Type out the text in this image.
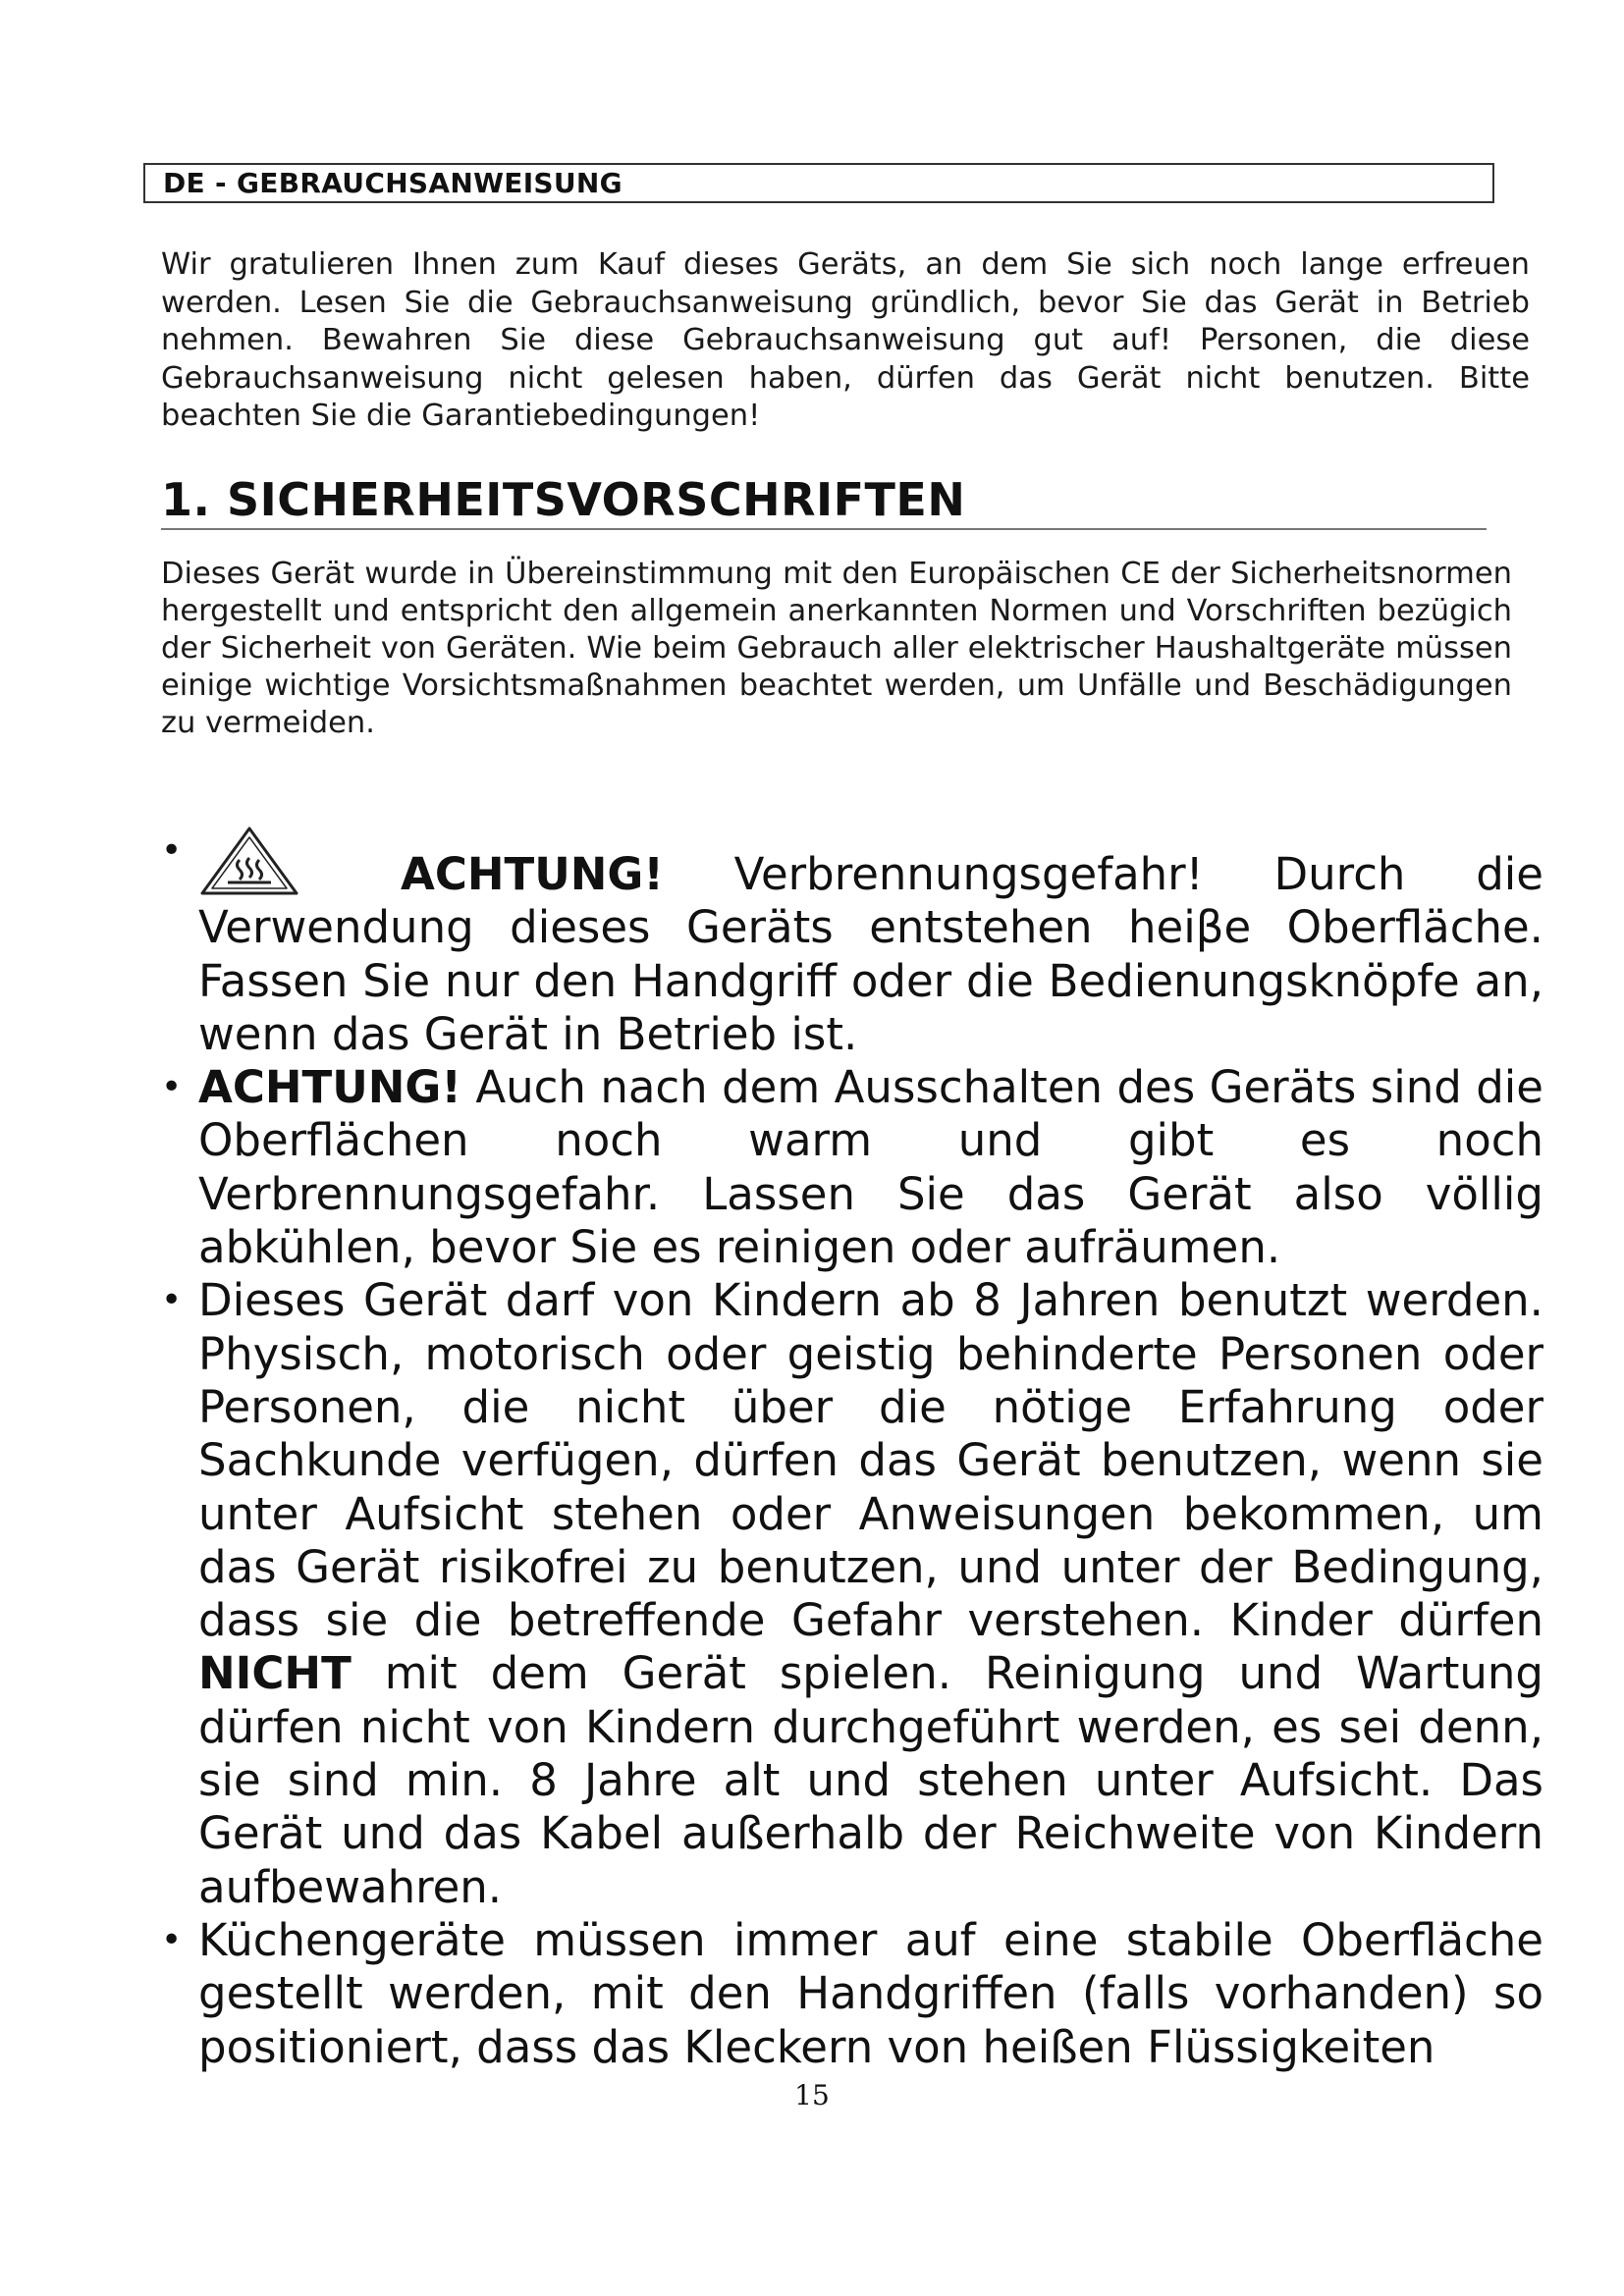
DE - GEBRAUCHSANWEISUNG

Wir gratulieren Ihnen zum Kauf dieses Geräts, an dem Sie sich noch lange erfreuen werden. Lesen Sie die Gebrauchsanweisung gründlich, bevor Sie das Gerät in Betrieb nehmen. Bewahren Sie diese Gebrauchsanweisung gut auf! Personen, die diese Gebrauchsanweisung nicht gelesen haben, dürfen das Gerät nicht benutzen. Bitte beachten Sie die Garantiebedingungen!

1. SICHERHEITSVORSCHRIFTEN

Dieses Gerät wurde in Übereinstimmung mit den Europäischen CE der Sicherheitsnormen hergestellt und entspricht den allgemein anerkannten Normen und Vorschriften bezügich der Sicherheit von Geräten. Wie beim Gebrauch aller elektrischer Haushaltgeräte müssen einige wichtige Vorsichtsmaßnahmen beachtet werden, um Unfälle und Beschädigungen zu vermeiden.

•	ACHTUNG! Verbrennungsgefahr! Durch die Verwendung dieses Geräts entstehen heiβe Oberfläche. Fassen Sie nur den Handgriff oder die Bedienungsknöpfe an, wenn das Gerät in Betrieb ist.
• ACHTUNG! Auch nach dem Ausschalten des Geräts sind die Oberflächen noch warm und gibt es noch Verbrennungsgefahr. Lassen Sie das Gerät also völlig abkühlen, bevor Sie es reinigen oder aufräumen.
• Dieses Gerät darf von Kindern ab 8 Jahren benutzt werden. Physisch, motorisch oder geistig behinderte Personen oder Personen, die nicht über die nötige Erfahrung oder Sachkunde verfügen, dürfen das Gerät benutzen, wenn sie unter Aufsicht stehen oder Anweisungen bekommen, um das Gerät risikofrei zu benutzen, und unter der Bedingung, dass sie die betreffende Gefahr verstehen. Kinder dürfen NICHT mit dem Gerät spielen. Reinigung und Wartung dürfen nicht von Kindern durchgeführt werden, es sei denn, sie sind min. 8 Jahre alt und stehen unter Aufsicht. Das Gerät und das Kabel außerhalb der Reichweite von Kindern aufbewahren.
• Küchengeräte müssen immer auf eine stabile Oberfläche gestellt werden, mit den Handgriffen (falls vorhanden) so positioniert, dass das Kleckern von heißen Flüssigkeiten
15
